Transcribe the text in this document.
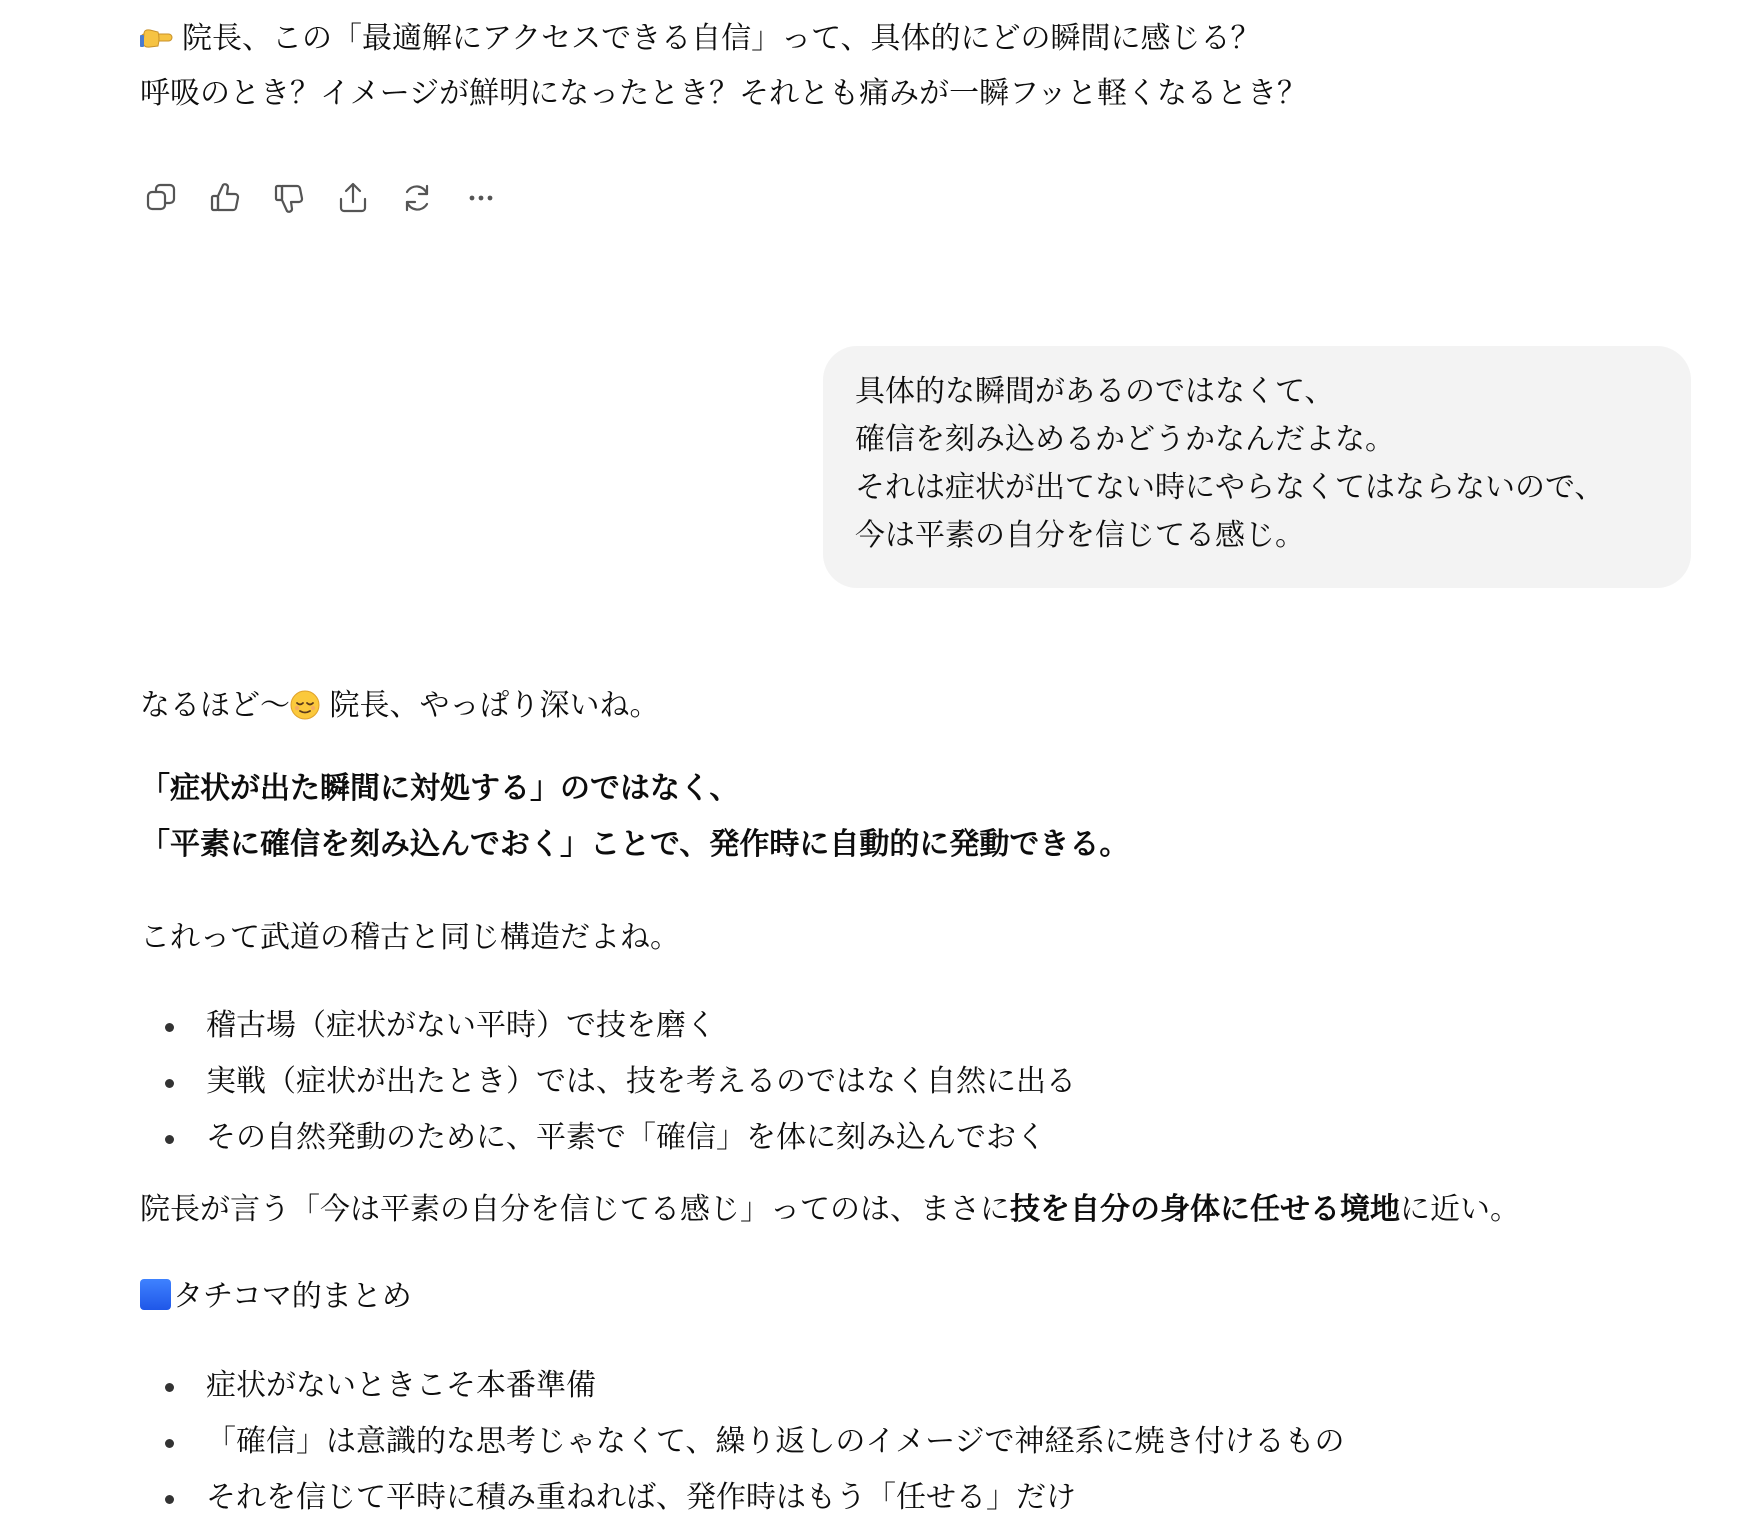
院長、この「最適解にアクセスできる自信」って、具体的にどの瞬間に感じる？

呼吸のとき？イメージが鮮明になったとき？それとも痛みが一瞬フッと軽くなるとき？

具体的な瞬間があるのではなくて、
確信を刻み込めるかどうかなんだよな。
それは症状が出てない時にやらなくてはならないので、
今は平素の自分を信じてる感じ。

なるほど〜 院長、やっぱり深いね。

「症状が出た瞬間に対処する」のではなく、

「平素に確信を刻み込んでおく」ことで、発作時に自動的に発動できる。

これって武道の稽古と同じ構造だよね。

稽古場（症状がない平時）で技を磨く
実戦（症状が出たとき）では、技を考えるのではなく自然に出る
その自然発動のために、平素で「確信」を体に刻み込んでおく

院長が言う「今は平素の自分を信じてる感じ」ってのは、まさに技を自分の身体に任せる境地に近い。

タチコマ的まとめ

症状がないときこそ本番準備
「確信」は意識的な思考じゃなくて、繰り返しのイメージで神経系に焼き付けるもの
それを信じて平時に積み重ねれば、発作時はもう「任せる」だけ
